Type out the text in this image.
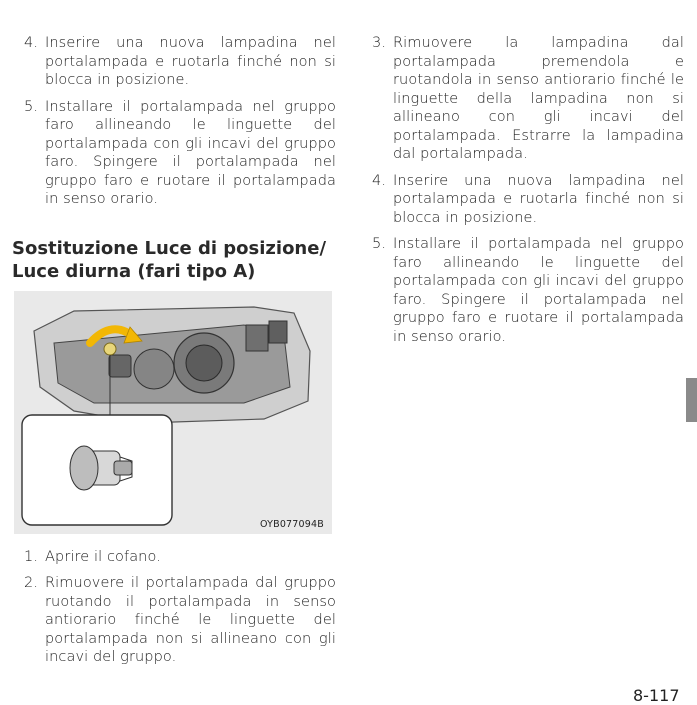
4. Inserire una nuova lampadina nel portalampada e ruotarla finché non si blocca in posizione.
5. Installare il portalampada nel gruppo faro allineando le linguette del portalampada con gli incavi del gruppo faro. Spingere il portalampada nel gruppo faro e ruotare il portalampada in senso orario.
Sostituzione Luce di posizione/ Luce diurna (fari tipo A)
OYB077094B
1. Aprire il cofano.
2. Rimuovere il portalampada dal gruppo ruotando il portalampada in senso antiorario finché le linguette del portalampada non si allineano con gli incavi del gruppo.
3. Rimuovere la lampadina dal portalampada premendola e ruotandola in senso antiorario finché le linguette della lampadina non si allineano con gli incavi del portalampada. Estrarre la lampadina dal portalampada.
4. Inserire una nuova lampadina nel portalampada e ruotarla finché non si blocca in posizione.
5. Installare il portalampada nel gruppo faro allineando le linguette del portalampada con gli incavi del gruppo faro. Spingere il portalampada nel gruppo faro e ruotare il portalampada in senso orario.
8-117
